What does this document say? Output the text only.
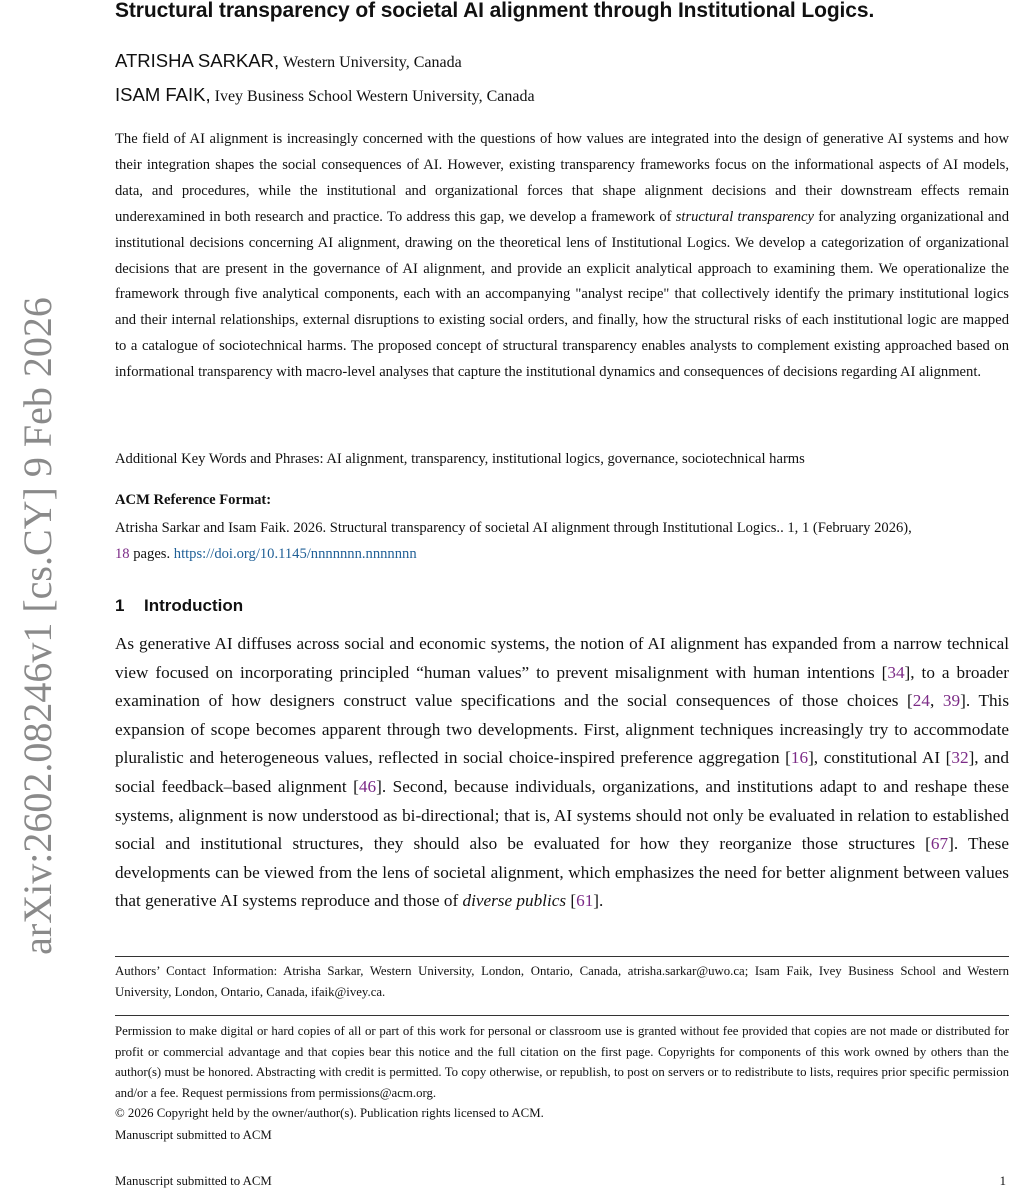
arXiv:2602.08246v1 [cs.CY] 9 Feb 2026
Structural transparency of societal AI alignment through Institutional Logics.
ATRISHA SARKAR, Western University, Canada
ISAM FAIK, Ivey Business School Western University, Canada

The field of AI alignment is increasingly concerned with the questions of how values are integrated into the design of generative AI systems and how their integration shapes the social consequences of AI. However, existing transparency frameworks focus on the informational aspects of AI models, data, and procedures, while the institutional and organizational forces that shape alignment decisions and their downstream effects remain underexamined in both research and practice. To address this gap, we develop a framework of structural transparency for analyzing organizational and institutional decisions concerning AI alignment, drawing on the theoretical lens of Institutional Logics. We develop a categorization of organizational decisions that are present in the governance of AI alignment, and provide an explicit analytical approach to examining them. We operationalize the framework through five analytical components, each with an accompanying "analyst recipe" that collectively identify the primary institutional logics and their internal relationships, external disruptions to existing social orders, and finally, how the structural risks of each institutional logic are mapped to a catalogue of sociotechnical harms. The proposed concept of structural transparency enables analysts to complement existing approached based on informational transparency with macro-level analyses that capture the institutional dynamics and consequences of decisions regarding AI alignment.

Additional Key Words and Phrases: AI alignment, transparency, institutional logics, governance, sociotechnical harms

ACM Reference Format:

Atrisha Sarkar and Isam Faik. 2026. Structural transparency of societal AI alignment through Institutional Logics.. 1, 1 (February 2026),
18 pages. https://doi.org/10.1145/nnnnnnn.nnnnnnn

1 Introduction

As generative AI diffuses across social and economic systems, the notion of AI alignment has expanded from a narrow technical view focused on incorporating principled “human values” to prevent misalignment with human intentions [34], to a broader examination of how designers construct value specifications and the social consequences of those choices [24, 39]. This expansion of scope becomes apparent through two developments. First, alignment techniques increasingly try to accommodate pluralistic and heterogeneous values, reflected in social choice-inspired preference aggregation [16], constitutional AI [32], and social feedback–based alignment [46]. Second, because individuals, organizations, and institutions adapt to and reshape these systems, alignment is now understood as bi-directional; that is, AI systems should not only be evaluated in relation to established social and institutional structures, they should also be evaluated for how they reorganize those structures [67]. These developments can be viewed from the lens of societal alignment, which emphasizes the need for better alignment between values that generative AI systems reproduce and those of diverse publics [61].

Authors’ Contact Information: Atrisha Sarkar, Western University, London, Ontario, Canada, atrisha.sarkar@uwo.ca; Isam Faik, Ivey Business School and Western University, London, Ontario, Canada, ifaik@ivey.ca.

Permission to make digital or hard copies of all or part of this work for personal or classroom use is granted without fee provided that copies are not made or distributed for profit or commercial advantage and that copies bear this notice and the full citation on the first page. Copyrights for components of this work owned by others than the author(s) must be honored. Abstracting with credit is permitted. To copy otherwise, or republish, to post on servers or to redistribute to lists, requires prior specific permission and/or a fee. Request permissions from permissions@acm.org.

© 2026 Copyright held by the owner/author(s). Publication rights licensed to ACM.

Manuscript submitted to ACM

Manuscript submitted to ACM	1
